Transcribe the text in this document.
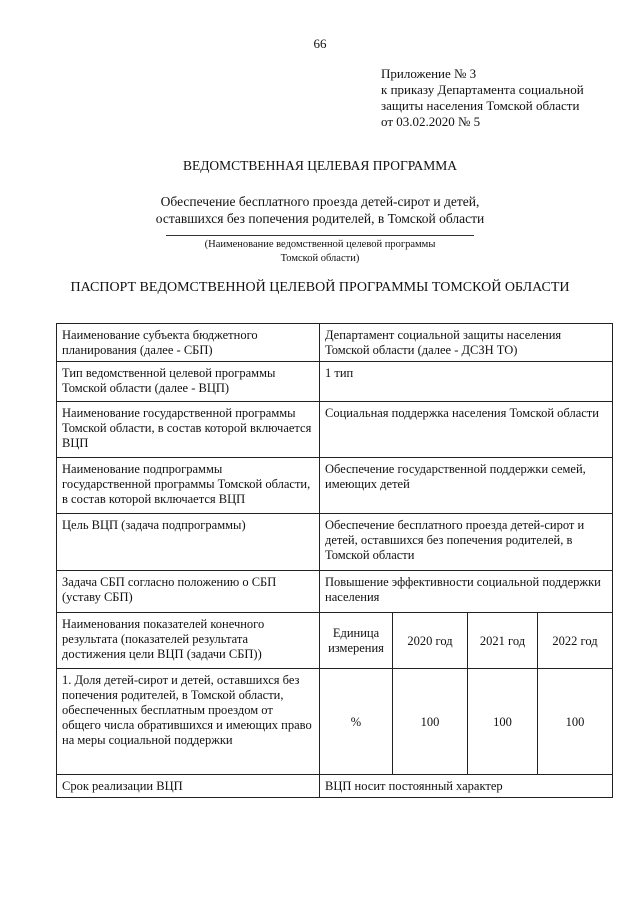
66
Приложение № 3
к приказу Департамента социальной
защиты населения Томской области
от 03.02.2020 № 5
ВЕДОМСТВЕННАЯ ЦЕЛЕВАЯ ПРОГРАММА
Обеспечение бесплатного проезда детей-сирот и детей,
оставшихся без попечения родителей, в Томской области
(Наименование ведомственной целевой программы
Томской области)
ПАСПОРТ ВЕДОМСТВЕННОЙ ЦЕЛЕВОЙ ПРОГРАММЫ ТОМСКОЙ ОБЛАСТИ
Наименование субъекта бюджетного планирования (далее - СБП)	Департамент социальной защиты населения Томской области (далее - ДСЗН ТО)			
Тип ведомственной целевой программы Томской области (далее - ВЦП)	1 тип			
Наименование государственной программы Томской области, в состав которой включается ВЦП	Социальная поддержка населения Томской области			
Наименование подпрограммы государственной программы Томской области, в состав которой включается ВЦП	Обеспечение государственной поддержки семей, имеющих детей			
Цель ВЦП (задача подпрограммы)	Обеспечение бесплатного проезда детей-сирот и детей, оставшихся без попечения родителей, в Томской области			
Задача СБП согласно положению о СБП (уставу СБП)	Повышение эффективности социальной поддержки населения			
Наименования показателей конечного результата (показателей результата достижения цели ВЦП (задачи СБП))	Единица измерения	2020 год	2021 год	2022 год
1. Доля детей-сирот и детей, оставшихся без попечения родителей, в Томской области, обеспеченных бесплатным проездом от общего числа обратившихся и имеющих право на меры социальной поддержки	%	100	100	100
Срок реализации ВЦП	ВЦП носит постоянный характер			
